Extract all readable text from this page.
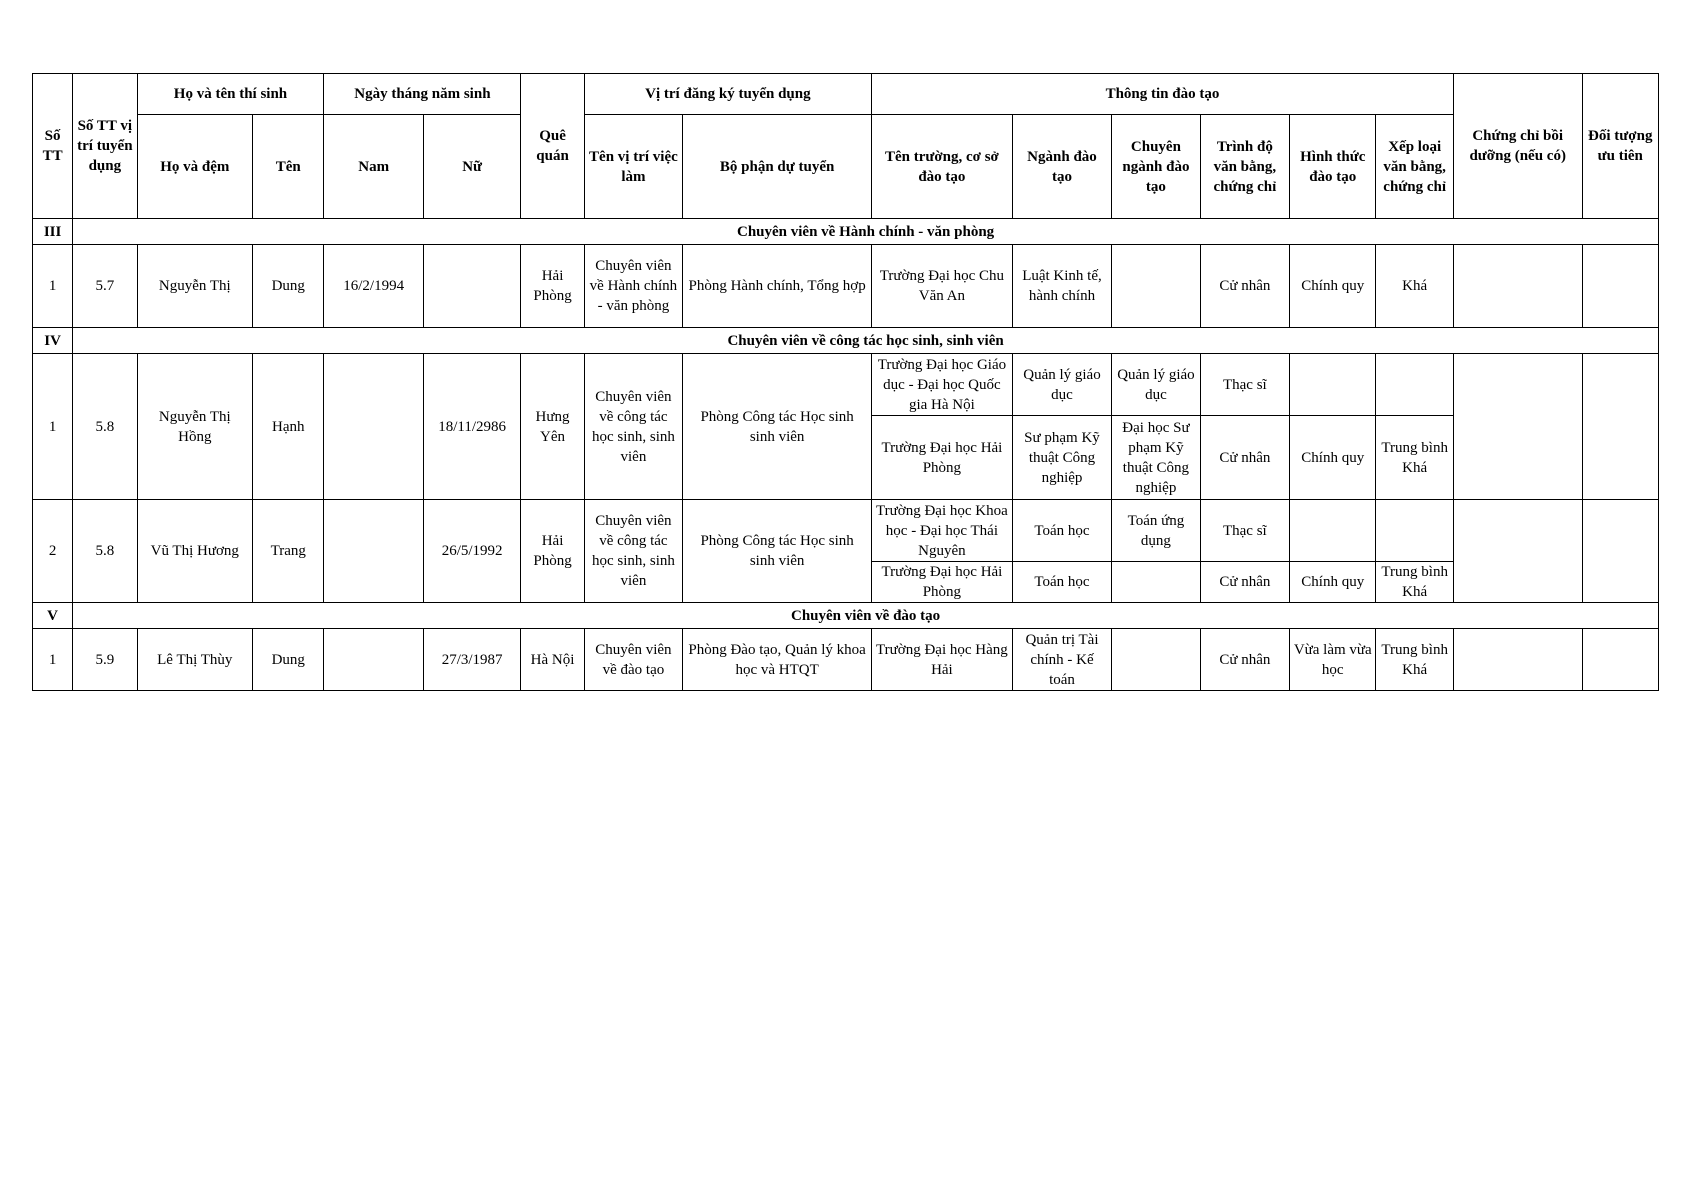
Số TT	Số TT vị trí tuyển dụng	Họ và tên thí sinh		Ngày tháng năm sinh		Quê quán	Vị trí đăng ký tuyển dụng		Thông tin đào tạo						Chứng chỉ bồi dưỡng (nếu có)	Đối tượng ưu tiên
		Họ và đệm	Tên	Nam	Nữ		Tên vị trí việc làm	Bộ phận dự tuyển	Tên trường, cơ sở đào tạo	Ngành đào tạo	Chuyên ngành đào tạo	Trình độ văn bằng, chứng chỉ	Hình thức đào tạo	Xếp loại văn bằng, chứng chỉ		
III	Chuyên viên về Hành chính - văn phòng															
1	5.7	Nguyễn Thị	Dung	16/2/1994		Hải Phòng	Chuyên viên về Hành chính - văn phòng	Phòng Hành chính, Tổng hợp	Trường Đại học Chu Văn An	Luật Kinh tế, hành chính		Cử nhân	Chính quy	Khá		
IV	Chuyên viên về công tác học sinh, sinh viên															
1	5.8	Nguyễn Thị Hồng	Hạnh		18/11/2986	Hưng Yên	Chuyên viên về công tác học sinh, sinh viên	Phòng Công tác Học sinh sinh viên	Trường Đại học Giáo dục - Đại học Quốc gia Hà Nội	Quản lý giáo dục	Quản lý giáo dục	Thạc sĩ				
									Trường Đại học Hải Phòng	Sư phạm Kỹ thuật Công nghiệp	Đại học Sư phạm Kỹ thuật Công nghiệp	Cử nhân	Chính quy	Trung bình Khá		
2	5.8	Vũ Thị Hương	Trang		26/5/1992	Hải Phòng	Chuyên viên về công tác học sinh, sinh viên	Phòng Công tác Học sinh sinh viên	Trường Đại học Khoa học - Đại học Thái Nguyên	Toán học	Toán ứng dụng	Thạc sĩ				
									Trường Đại học Hải Phòng	Toán học		Cử nhân	Chính quy	Trung bình Khá		
V	Chuyên viên về đào tạo															
1	5.9	Lê Thị Thùy	Dung		27/3/1987	Hà Nội	Chuyên viên về đào tạo	Phòng Đào tạo, Quản lý khoa học và HTQT	Trường Đại học Hàng Hải	Quản trị Tài chính - Kế toán		Cử nhân	Vừa làm vừa học	Trung bình Khá		
